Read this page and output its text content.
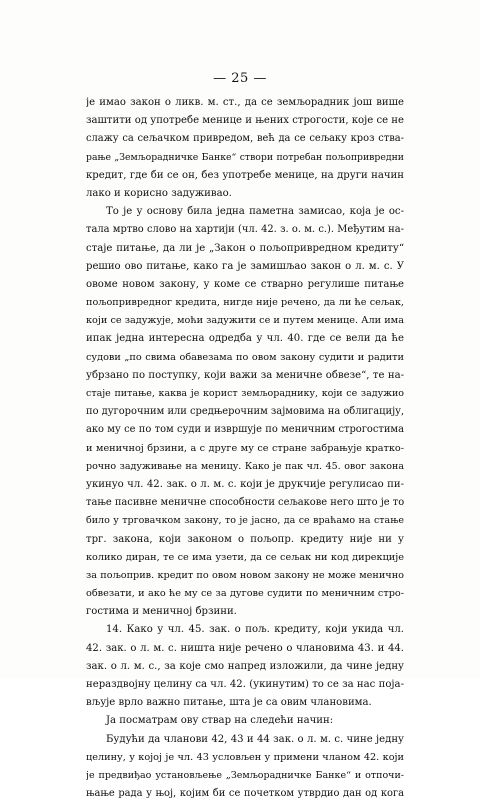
— 25 —
је имао закон о ликв. м. ст., да се земљорадник још више
заштити од употребе менице и њених строгости, које се не
слажу са сељачком привредом, већ да се сељаку кроз ства-
рање „Земљорадничке Банке“ створи потребан пољопривредни
кредит, где би се он, без употребе менице, на други начин
лако и корисно задуживао.
То је у основу била једна паметна замисао, која је ос-
тала мртво слово на хартији (чл. 42. з. о. м. с.). Међутим на-
стаје питање, да ли је „Закон о пољопривредном кредиту“
решио ово питање, како га је замишљао закон о л. м. с. У
овоме новом закону, у коме се стварно регулише питање
пољопривредног кредита, нигде није речено, да ли ће сељак,
који се задужује, моћи задужити се и путем менице. Али има
ипак једна интересна одредба у чл. 40. где се вели да ће
судови „по свима обавезама по овом закону судити и радити
убрзано по поступку, који важи за меничне обвезе“, те на-
стаје питање, каква је корист земљораднику, који се задужио
по дугорочним или средњерочним зајмовима на облигацију,
ако му се по том суди и извршује по меничним строгостима
и меничној брзини, а с друге му се стране забрањује кратко-
рочно задуживање на меницу. Како је пак чл. 45. овог закона
укинуо чл. 42. зак. о л. м. с. који је друкчије регулисао пи-
тање пасивне меничне способности сељакове него што је то
било у трговачком закону, то је јасно, да се враћамо на стање
трг. закона, који законом о пољопр. кредиту није ни у
колико диран, те се има узети, да се сељак ни код дирекције
за пољоприв. кредит по овом новом закону не може менично
обвезати, и ако ће му се за дугове судити по меничним стро-
гостима и меничној брзини.
14. Како у чл. 45. зак. о пољ. кредиту, који укида чл.
42. зак. о л. м. с. ништа није речено о члановима 43. и 44.
зак. о л. м. с., за које смо напред изложили, да чине једну
нераздвојну целину са чл. 42. (укинутим) то се за нас поја-
вљује врло важно питање, шта је са овим члановима.
Ја посматрам ову ствар на следећи начин:
Будући да чланови 42, 43 и 44 зак. о л. м. с. чине једну
целину, у којој је чл. 43 условљен у примени чланом 42. који
је предвиђао установљење „Земљорадничке Банке“ и отпочи-
њање рада у њој, којим би се почетком утврдио дан од кога
